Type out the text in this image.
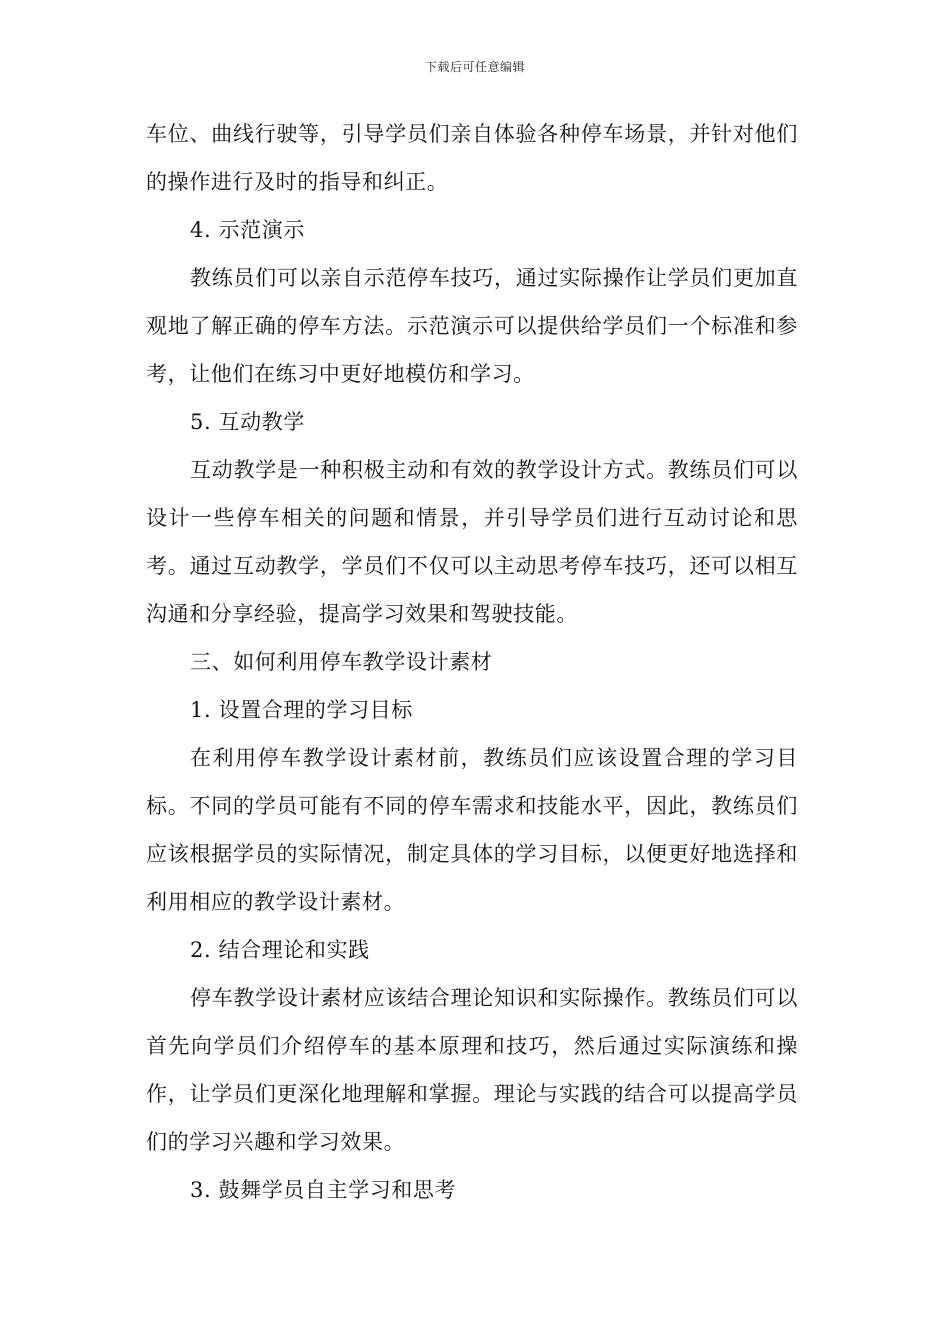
下载后可任意编辑

车位、曲线行驶等，引导学员们亲自体验各种停车场景，并针对他们的操作进行及时的指导和纠正。

4. 示范演示

教练员们可以亲自示范停车技巧，通过实际操作让学员们更加直观地了解正确的停车方法。示范演示可以提供给学员们一个标准和参考，让他们在练习中更好地模仿和学习。

5. 互动教学

互动教学是一种积极主动和有效的教学设计方式。教练员们可以设计一些停车相关的问题和情景，并引导学员们进行互动讨论和思考。通过互动教学，学员们不仅可以主动思考停车技巧，还可以相互沟通和分享经验，提高学习效果和驾驶技能。

三、如何利用停车教学设计素材

1. 设置合理的学习目标

在利用停车教学设计素材前，教练员们应该设置合理的学习目标。不同的学员可能有不同的停车需求和技能水平，因此，教练员们应该根据学员的实际情况，制定具体的学习目标，以便更好地选择和利用相应的教学设计素材。

2. 结合理论和实践

停车教学设计素材应该结合理论知识和实际操作。教练员们可以首先向学员们介绍停车的基本原理和技巧，然后通过实际演练和操作，让学员们更深化地理解和掌握。理论与实践的结合可以提高学员们的学习兴趣和学习效果。

3. 鼓舞学员自主学习和思考
